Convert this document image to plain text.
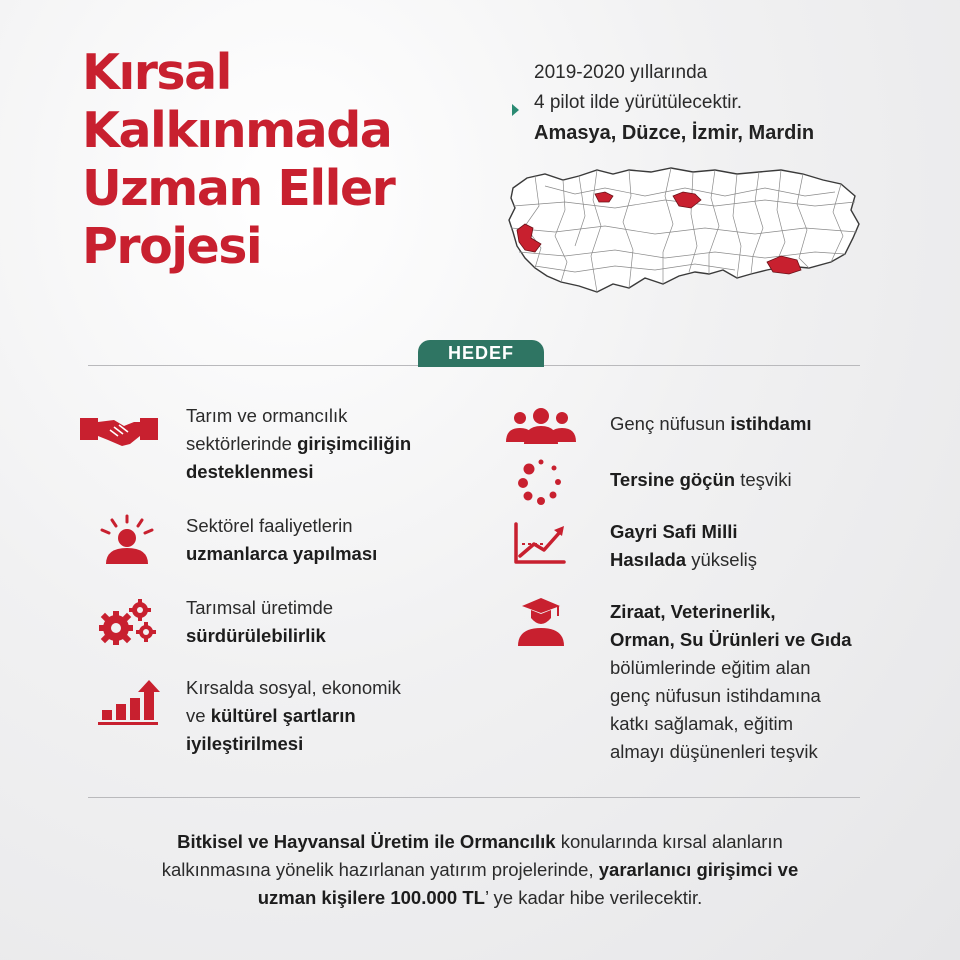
Kırsal
Kalkınmada
Uzman Eller
Projesi
2019-2020 yıllarında
4 pilot ilde yürütülecektir.
Amasya, Düzce, İzmir, Mardin
HEDEF
Tarım ve ormancılık
sektörlerinde girişimciliğin
desteklenmesi
Sektörel faaliyetlerin
uzmanlarca yapılması
Tarımsal üretimde
sürdürülebilirlik
Kırsalda sosyal, ekonomik
ve kültürel şartların
iyileştirilmesi
Genç nüfusun istihdamı
Tersine göçün teşviki
Gayri Safi Milli
Hasılada yükseliş
Ziraat, Veterinerlik,
Orman, Su Ürünleri ve Gıda
bölümlerinde eğitim alan
genç nüfusun istihdamına
katkı sağlamak, eğitim
almayı düşünenleri teşvik
Bitkisel ve Hayvansal Üretim ile Ormancılık konularında kırsal alanların
kalkınmasına yönelik hazırlanan yatırım projelerinde, yararlanıcı girişimci ve
uzman kişilere 100.000 TL’ ye kadar hibe verilecektir.
